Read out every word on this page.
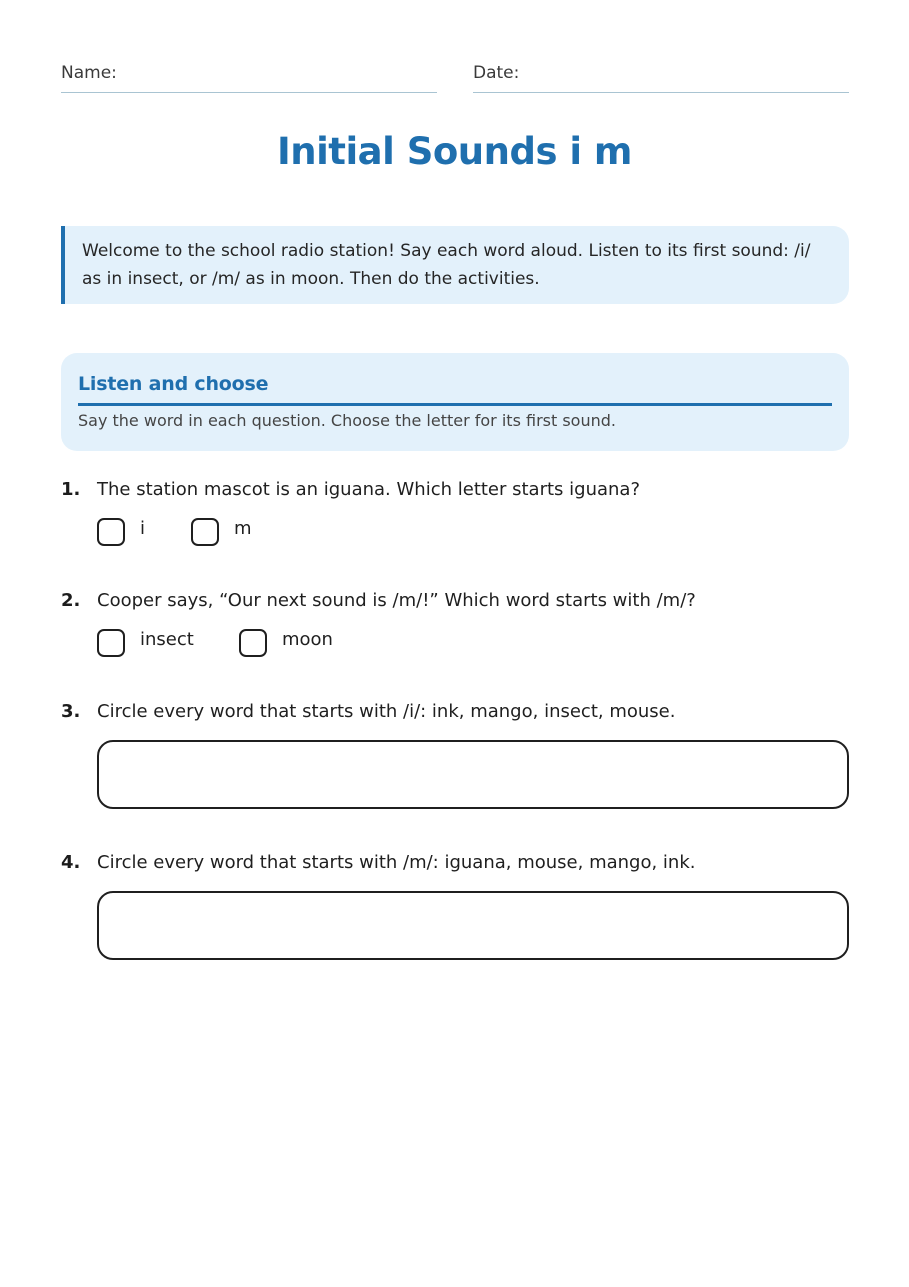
Name:	Date:
Initial Sounds i m
Welcome to the school radio station! Say each word aloud. Listen to its first sound: /i/ as in insect, or /m/ as in moon. Then do the activities.
Listen and choose
Say the word in each question. Choose the letter for its first sound.
1. The station mascot is an iguana. Which letter starts iguana?
i	m
2. Cooper says, “Our next sound is /m/!” Which word starts with /m/?
insect	moon
3. Circle every word that starts with /i/: ink, mango, insect, mouse.
4. Circle every word that starts with /m/: iguana, mouse, mango, ink.
